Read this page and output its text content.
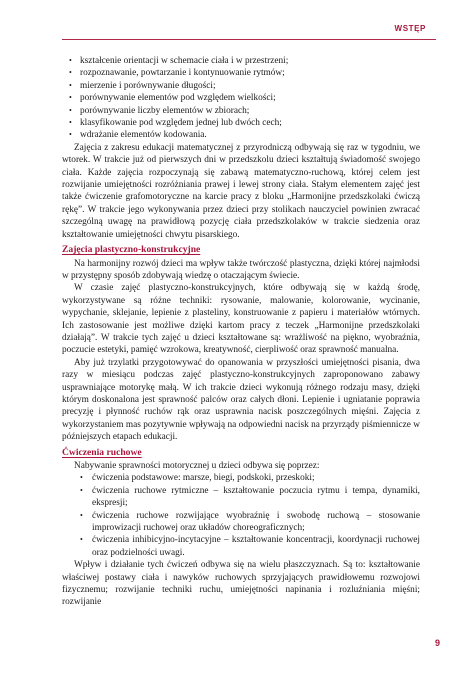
WSTĘP
• kształcenie orientacji w schemacie ciała i w przestrzeni;
• rozpoznawanie, powtarzanie i kontynuowanie rytmów;
• mierzenie i porównywanie długości;
• porównywanie elementów pod względem wielkości;
• porównywanie liczby elementów w zbiorach;
• klasyfikowanie pod względem jednej lub dwóch cech;
• wdrażanie elementów kodowania.

Zajęcia z zakresu edukacji matematycznej z przyrodniczą odbywają się raz w tygodniu, we wtorek. W trakcie już od pierwszych dni w przedszkolu dzieci kształtują świadomość swojego ciała. Każde zajęcia rozpoczynają się zabawą matematyczno-ruchową, której celem jest rozwijanie umiejętności rozróżniania prawej i lewej strony ciała. Stałym elementem zajęć jest także ćwiczenie grafomotoryczne na karcie pracy z bloku „Harmonijne przedszkolaki ćwiczą rękę”. W trakcie jego wykonywania przez dzieci przy stolikach nauczyciel powinien zwracać szczególną uwagę na prawidłową pozycję ciała przedszkolaków w trakcie siedzenia oraz kształtowanie umiejętności chwytu pisarskiego.

Zajęcia plastyczno-konstrukcyjne

Na harmonijny rozwój dzieci ma wpływ także twórczość plastyczna, dzięki której najmłodsi w przystępny sposób zdobywają wiedzę o otaczającym świecie.

W czasie zajęć plastyczno-konstrukcyjnych, które odbywają się w każdą środę, wykorzystywane są różne techniki: rysowanie, malowanie, kolorowanie, wycinanie, wypychanie, sklejanie, lepienie z plasteliny, konstruowanie z papieru i materiałów wtórnych. Ich zastosowanie jest możliwe dzięki kartom pracy z teczek „Harmonijne przedszkolaki działają”. W trakcie tych zajęć u dzieci kształtowane są: wrażliwość na piękno, wyobraźnia, poczucie estetyki, pamięć wzrokowa, kreatywność, cierpliwość oraz sprawność manualna.

Aby już trzylatki przygotowywać do opanowania w przyszłości umiejętności pisania, dwa razy w miesiącu podczas zajęć plastyczno-konstrukcyjnych zaproponowano zabawy usprawniające motorykę małą. W ich trakcie dzieci wykonują różnego rodzaju masy, dzięki którym doskonalona jest sprawność palców oraz całych dłoni. Lepienie i ugniatanie poprawia precyzję i płynność ruchów rąk oraz usprawnia nacisk poszczególnych mięśni. Zajęcia z wykorzystaniem mas pozytywnie wpływają na odpowiedni nacisk na przyrządy piśmiennicze w późniejszych etapach edukacji.

Ćwiczenia ruchowe

Nabywanie sprawności motorycznej u dzieci odbywa się poprzez:

• ćwiczenia podstawowe: marsze, biegi, podskoki, przeskoki;
• ćwiczenia ruchowe rytmiczne – kształtowanie poczucia rytmu i tempa, dynamiki, ekspresji;
• ćwiczenia ruchowe rozwijające wyobraźnię i swobodę ruchową – stosowanie improwizacji ruchowej oraz układów choreograficznych;
• ćwiczenia inhibicyjno-incytacyjne – kształtowanie koncentracji, koordynacji ruchowej oraz podzielności uwagi.

Wpływ i działanie tych ćwiczeń odbywa się na wielu płaszczyznach. Są to: kształtowanie właściwej postawy ciała i nawyków ruchowych sprzyjających prawidłowemu rozwojowi fizycznemu; rozwijanie techniki ruchu, umiejętności napinania i rozluźniania mięśni; rozwijanie

9
